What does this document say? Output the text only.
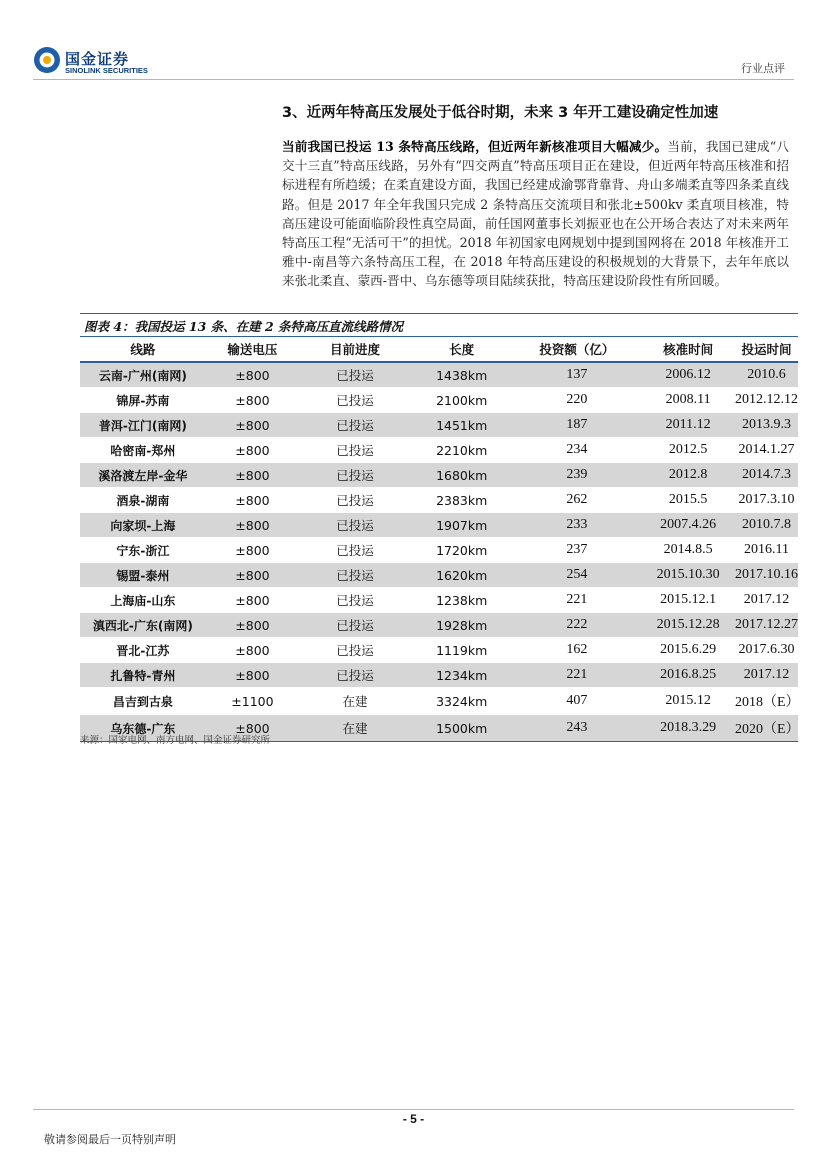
国金证券
SINOLINK SECURITIES	行业点评
3、近两年特高压发展处于低谷时期，未来 3 年开工建设确定性加速
当前我国已投运 13 条特高压线路，但近两年新核准项目大幅减少。当前，我国已建成“八交十三直”特高压线路，另外有“四交两直”特高压项目正在建设，但近两年特高压核准和招标进程有所趋缓；在柔直建设方面，我国已经建成渝鄂背靠背、舟山多端柔直等四条柔直线路。但是 2017 年全年我国只完成 2 条特高压交流项目和张北±500kv 柔直项目核准，特高压建设可能面临阶段性真空局面，前任国网董事长刘振亚也在公开场合表达了对未来两年特高压工程“无活可干”的担忧。2018 年初国家电网规划中提到国网将在 2018 年核准开工雅中-南昌等六条特高压工程，在 2018 年特高压建设的积极规划的大背景下，去年年底以来张北柔直、蒙西-晋中、乌东德等项目陆续获批，特高压建设阶段性有所回暖。
图表 4：我国投运 13 条、在建 2 条特高压直流线路情况
线路	输送电压	目前进度	长度	投资额（亿）	核准时间	投运时间
云南-广州(南网)	±800	已投运	1438km	137	2006.12	2010.6
锦屏-苏南	±800	已投运	2100km	220	2008.11	2012.12.12
普洱-江门(南网)	±800	已投运	1451km	187	2011.12	2013.9.3
哈密南-郑州	±800	已投运	2210km	234	2012.5	2014.1.27
溪洛渡左岸-金华	±800	已投运	1680km	239	2012.8	2014.7.3
酒泉-湖南	±800	已投运	2383km	262	2015.5	2017.3.10
向家坝-上海	±800	已投运	1907km	233	2007.4.26	2010.7.8
宁东-浙江	±800	已投运	1720km	237	2014.8.5	2016.11
锡盟-泰州	±800	已投运	1620km	254	2015.10.30	2017.10.16
上海庙-山东	±800	已投运	1238km	221	2015.12.1	2017.12
滇西北-广东(南网)	±800	已投运	1928km	222	2015.12.28	2017.12.27
晋北-江苏	±800	已投运	1119km	162	2015.6.29	2017.6.30
扎鲁特-青州	±800	已投运	1234km	221	2016.8.25	2017.12
昌吉到古泉	±1100	在建	3324km	407	2015.12	2018（E）
乌东德-广东	±800	在建	1500km	243	2018.3.29	2020（E）
来源：国家电网、南方电网、国金证券研究所
- 5 -
敬请参阅最后一页特别声明
